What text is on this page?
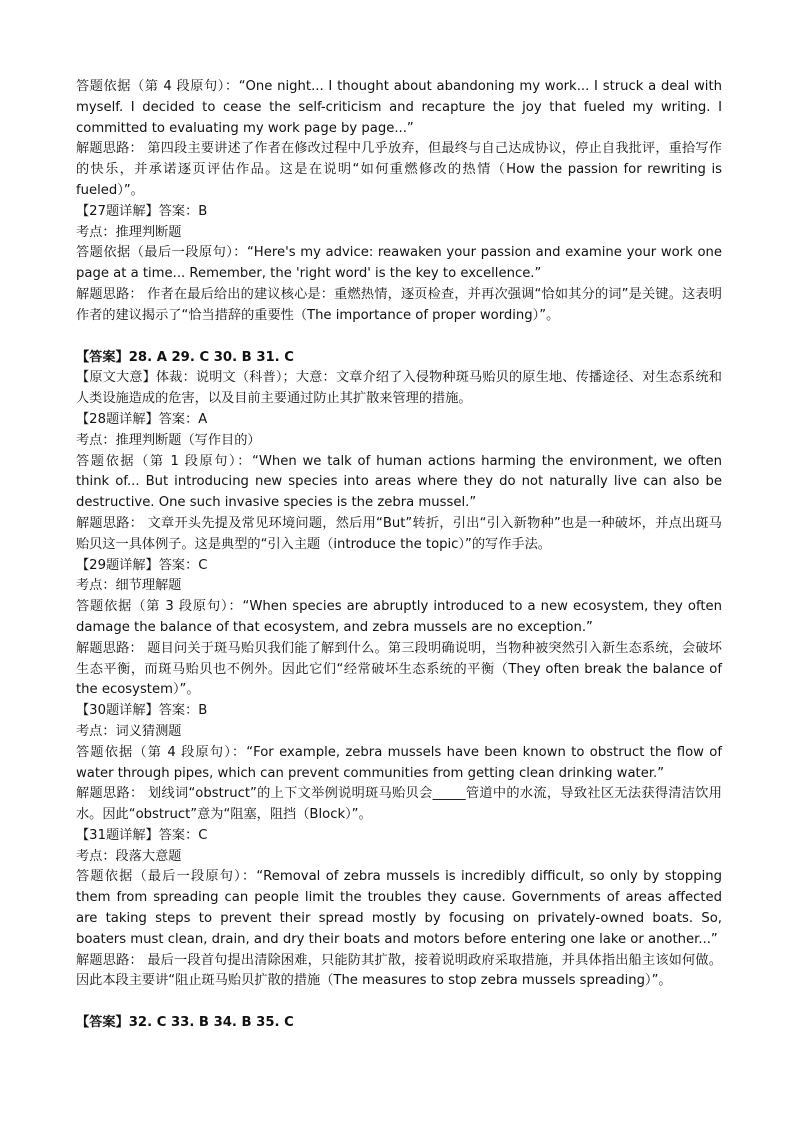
答题依据（第 4 段原句）：“One night... I thought about abandoning my work... I struck a deal with myself. I decided to cease the self-criticism and recapture the joy that fueled my writing. I committed to evaluating my work page by page...”

解题思路： 第四段主要讲述了作者在修改过程中几乎放弃，但最终与自己达成协议，停止自我批评，重拾写作的快乐，并承诺逐页评估作品。这是在说明“如何重燃修改的热情（How the passion for rewriting is fueled）”。

【27题详解】答案：B

考点：推理判断题

答题依据（最后一段原句）：“Here's my advice: reawaken your passion and examine your work one page at a time... Remember, the 'right word' is the key to excellence.”

解题思路： 作者在最后给出的建议核心是：重燃热情，逐页检查，并再次强调“恰如其分的词”是关键。这表明作者的建议揭示了“恰当措辞的重要性（The importance of proper wording）”。

【答案】28. A 29. C 30. B 31. C

【原文大意】体裁：说明文（科普）；大意：文章介绍了入侵物种斑马贻贝的原生地、传播途径、对生态系统和人类设施造成的危害，以及目前主要通过防止其扩散来管理的措施。

【28题详解】答案：A

考点：推理判断题（写作目的）

答题依据（第 1 段原句）：“When we talk of human actions harming the environment, we often think of... But introducing new species into areas where they do not naturally live can also be destructive. One such invasive species is the zebra mussel.”

解题思路： 文章开头先提及常见环境问题，然后用“But”转折，引出“引入新物种”也是一种破坏，并点出斑马贻贝这一具体例子。这是典型的“引入主题（introduce the topic）”的写作手法。

【29题详解】答案：C

考点：细节理解题

答题依据（第 3 段原句）：“When species are abruptly introduced to a new ecosystem, they often damage the balance of that ecosystem, and zebra mussels are no exception.”

解题思路： 题目问关于斑马贻贝我们能了解到什么。第三段明确说明，当物种被突然引入新生态系统，会破坏生态平衡，而斑马贻贝也不例外。因此它们“经常破坏生态系统的平衡（They often break the balance of the ecosystem）”。

【30题详解】答案：B

考点：词义猜测题

答题依据（第 4 段原句）：“For example, zebra mussels have been known to obstruct the flow of water through pipes, which can prevent communities from getting clean drinking water.”

解题思路： 划线词“obstruct”的上下文举例说明斑马贻贝会_____管道中的水流，导致社区无法获得清洁饮用水。因此“obstruct”意为“阻塞，阻挡（Block）”。

【31题详解】答案：C

考点：段落大意题

答题依据（最后一段原句）：“Removal of zebra mussels is incredibly difficult, so only by stopping them from spreading can people limit the troubles they cause. Governments of areas affected are taking steps to prevent their spread mostly by focusing on privately-owned boats. So, boaters must clean, drain, and dry their boats and motors before entering one lake or another...”

解题思路： 最后一段首句提出清除困难，只能防其扩散，接着说明政府采取措施，并具体指出船主该如何做。因此本段主要讲“阻止斑马贻贝扩散的措施（The measures to stop zebra mussels spreading）”。

【答案】32. C 33. B 34. B 35. C
